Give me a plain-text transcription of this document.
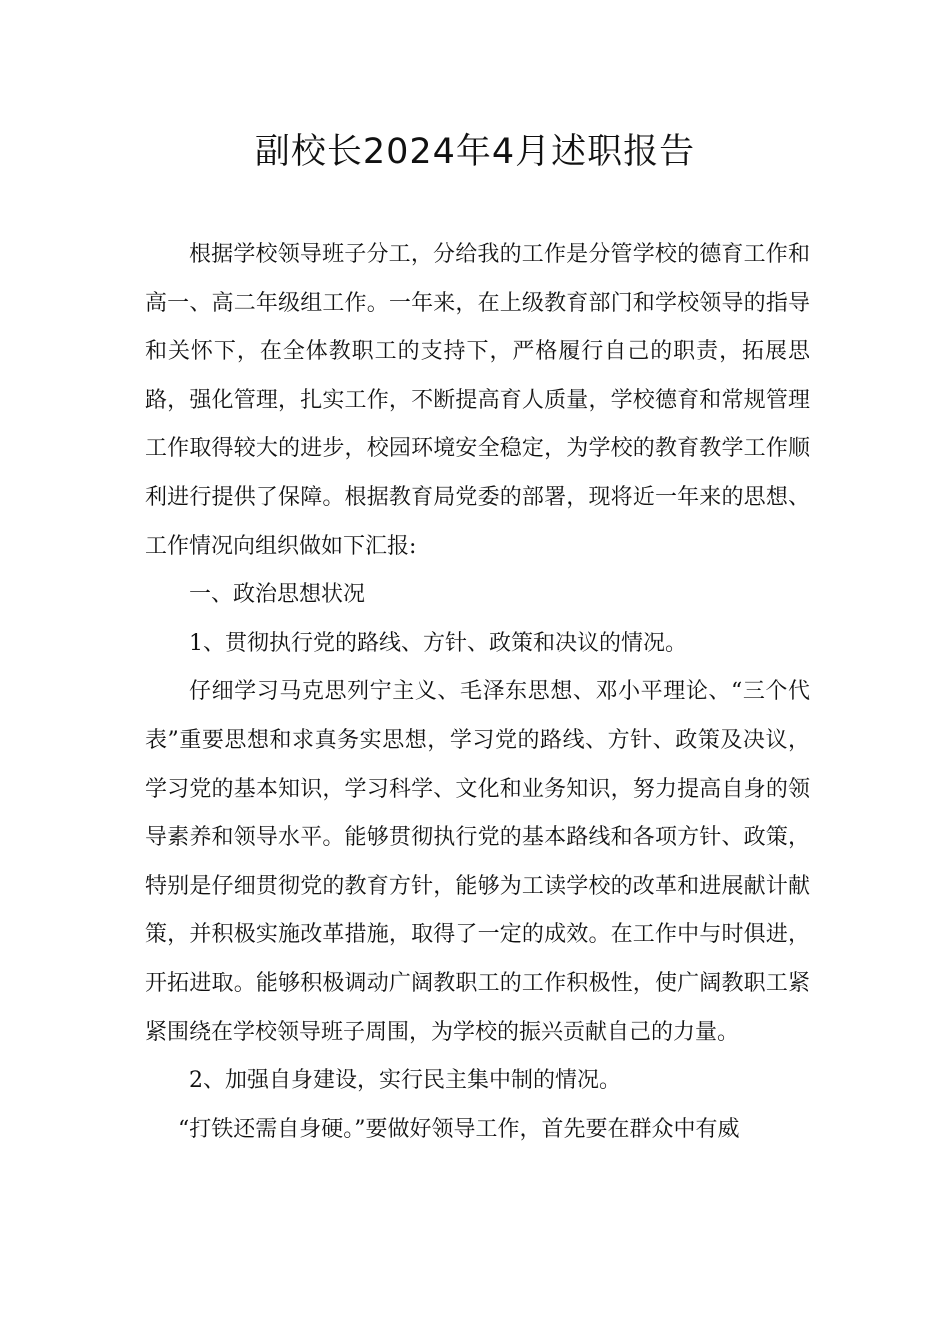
副校长2024年4月述职报告

根据学校领导班子分工，分给我的工作是分管学校的德育工作和高一、高二年级组工作。一年来，在上级教育部门和学校领导的指导和关怀下，在全体教职工的支持下，严格履行自己的职责，拓展思路，强化管理，扎实工作，不断提高育人质量，学校德育和常规管理工作取得较大的进步，校园环境安全稳定，为学校的教育教学工作顺利进行提供了保障。根据教育局党委的部署，现将近一年来的思想、工作情况向组织做如下汇报:

一、政治思想状况

1、贯彻执行党的路线、方针、政策和决议的情况。

仔细学习马克思列宁主义、毛泽东思想、邓小平理论、“三个代表”重要思想和求真务实思想，学习党的路线、方针、政策及决议，学习党的基本知识，学习科学、文化和业务知识，努力提高自身的领导素养和领导水平。能够贯彻执行党的基本路线和各项方针、政策，特别是仔细贯彻党的教育方针，能够为工读学校的改革和进展献计献策，并积极实施改革措施，取得了一定的成效。在工作中与时俱进，开拓进取。能够积极调动广阔教职工的工作积极性，使广阔教职工紧紧围绕在学校领导班子周围，为学校的振兴贡献自己的力量。

2、加强自身建设，实行民主集中制的情况。

“打铁还需自身硬。”要做好领导工作，首先要在群众中有威
